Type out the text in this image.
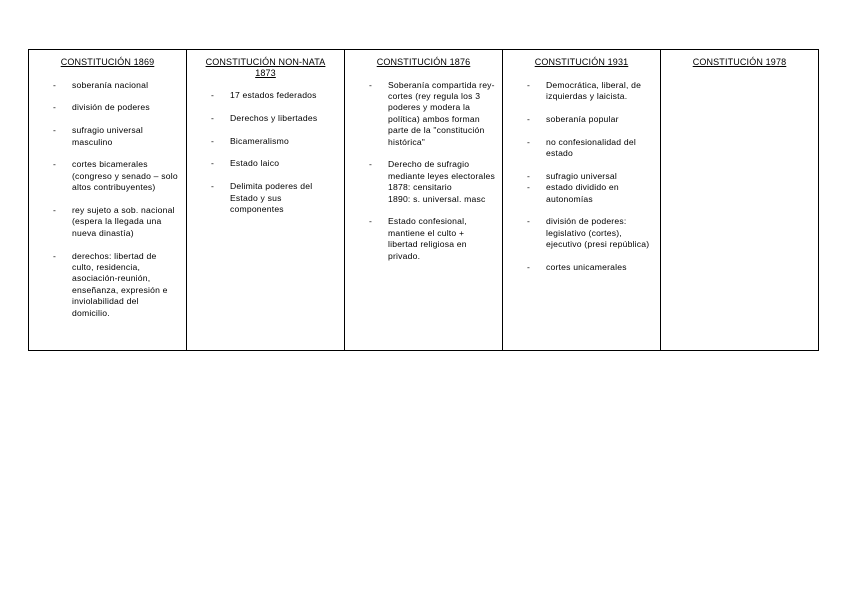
CONSTITUCIÓN 1869
- soberanía nacional
- división de poderes
- sufragio universal masculino
- cortes bicamerales (congreso y senado – solo altos contribuyentes)
- rey sujeto a sob. nacional (espera la llegada una nueva dinastía)
- derechos: libertad de culto, residencia, asociación-reunión, enseñanza, expresión e inviolabilidad del domicilio.

CONSTITUCIÓN NON-NATA 1873
- 17 estados federados
- Derechos y libertades
- Bicameralismo
- Estado laico
- Delimita poderes del Estado y sus componentes

CONSTITUCIÓN 1876
- Soberanía compartida rey-cortes (rey regula los 3 poderes y modera la política) ambos forman parte de la "constitución histórica"
- Derecho de sufragio mediante leyes electorales
1878: censitario
1890: s. universal. masc
- Estado confesional, mantiene el culto + libertad religiosa en privado.

CONSTITUCIÓN 1931
- Democrática, liberal, de izquierdas y laicista.
- soberanía popular
- no confesionalidad del estado
- sufragio universal
- estado dividido en autonomías
- división de poderes: legislativo (cortes), ejecutivo (presi república)
- cortes unicamerales

CONSTITUCIÓN 1978
